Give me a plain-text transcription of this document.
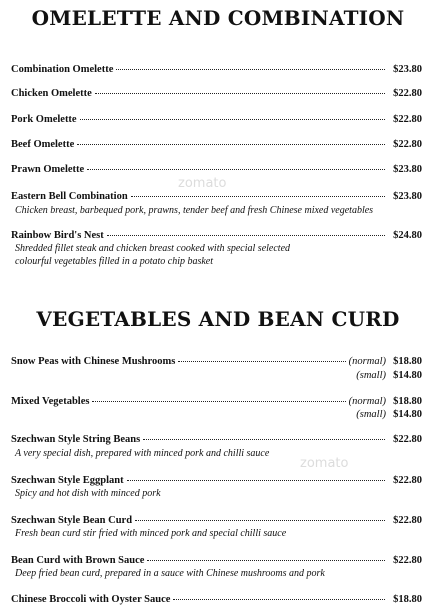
OMELETTE AND COMBINATION
Combination Omelette	$23.80
Chicken Omelette	$22.80
Pork Omelette	$22.80
Beef Omelette	$22.80
Prawn Omelette	$23.80
Eastern Bell Combination	$23.80
Chicken breast, barbequed pork, prawns, tender beef and fresh Chinese mixed vegetables
Rainbow Bird's Nest	$24.80
Shredded fillet steak and chicken breast cooked with special selected
colourful vegetables filled in a potato chip basket
VEGETABLES AND BEAN CURD
Snow Peas with Chinese Mushrooms	(normal) $18.80
(small) $14.80
Mixed Vegetables	(normal) $18.80
(small) $14.80
Szechwan Style String Beans	$22.80
A very special dish, prepared with minced pork and chilli sauce
Szechwan Style Eggplant	$22.80
Spicy and hot dish with minced pork
Szechwan Style Bean Curd	$22.80
Fresh bean curd stir fried with minced pork and special chilli sauce
Bean Curd with Brown Sauce	$22.80
Deep fried bean curd, prepared in a sauce with Chinese mushrooms and pork
Chinese Broccoli with Oyster Sauce	$18.80
zomato
zomato
